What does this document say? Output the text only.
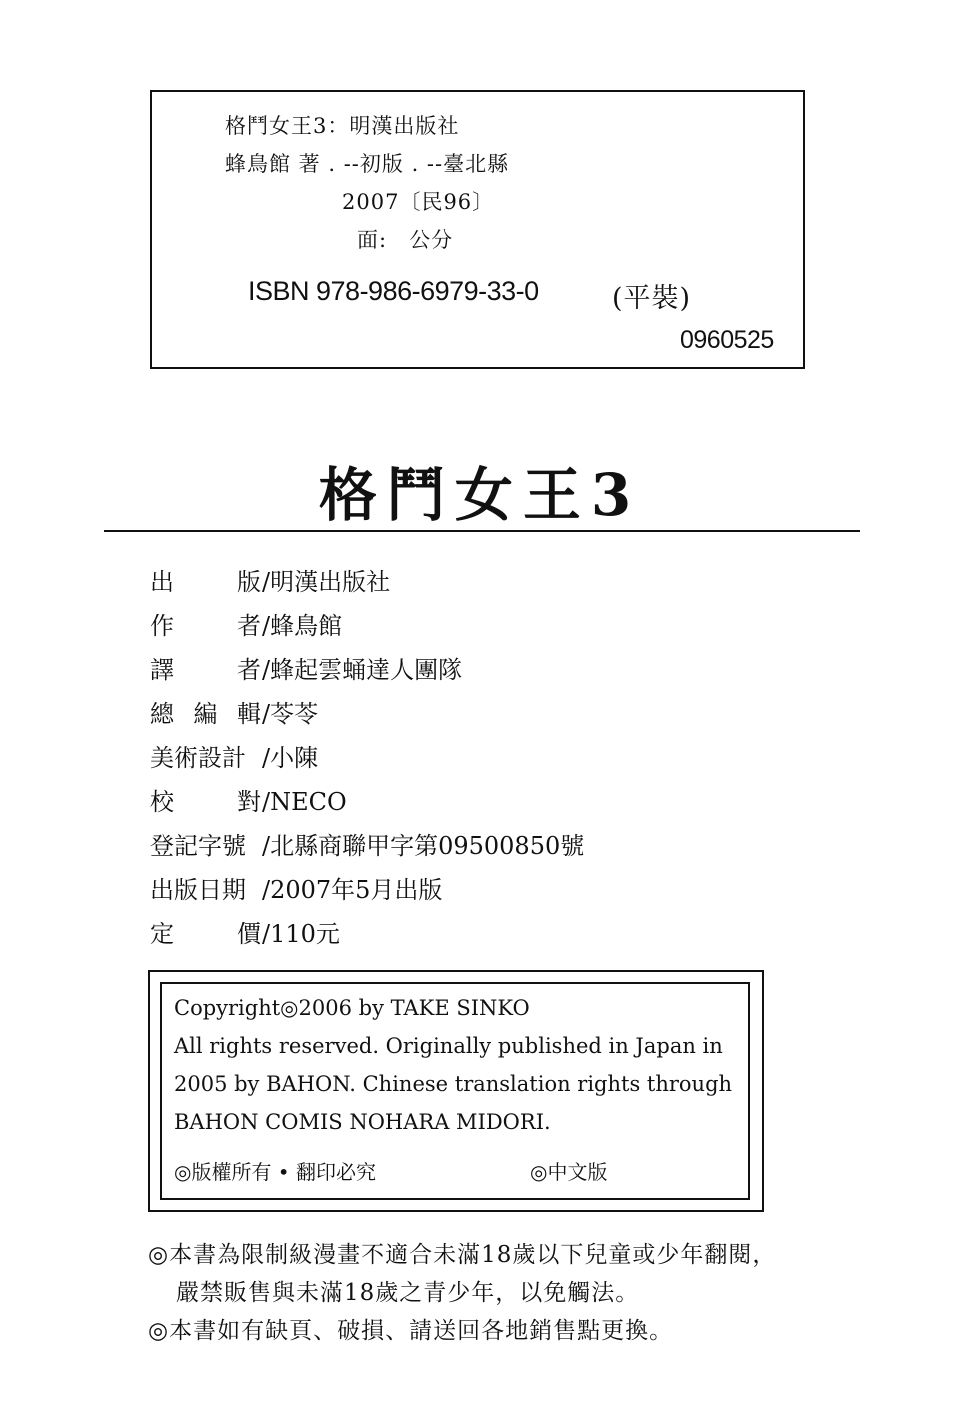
格鬥女王3：明漢出版社
蜂鳥館 著 . --初版 . --臺北縣
2007〔民96〕
面:　公分
ISBN 978-986-6979-33-0	(平裝)
0960525
格鬥女王3
出	版 /明漢出版社
作	者 /蜂鳥館
譯	者 /蜂起雲蛹達人團隊
總 編 輯 /苓苓
美術設計 /小陳
校	對 /NECO
登記字號 /北縣商聯甲字第09500850號
出版日期 /2007年5月出版
定	價 /110元
Copyright◎2006 by TAKE SINKO
All rights reserved. Originally published in Japan in
2005 by BAHON. Chinese translation rights through
BAHON COMIS NOHARA MIDORI.
◎版權所有 • 翻印必究	◎中文版
◎本書為限制級漫畫不適合未滿18歲以下兒童或少年翻閱，
嚴禁販售與未滿18歲之青少年，以免觸法。
◎本書如有缺頁、破損、請送回各地銷售點更換。
